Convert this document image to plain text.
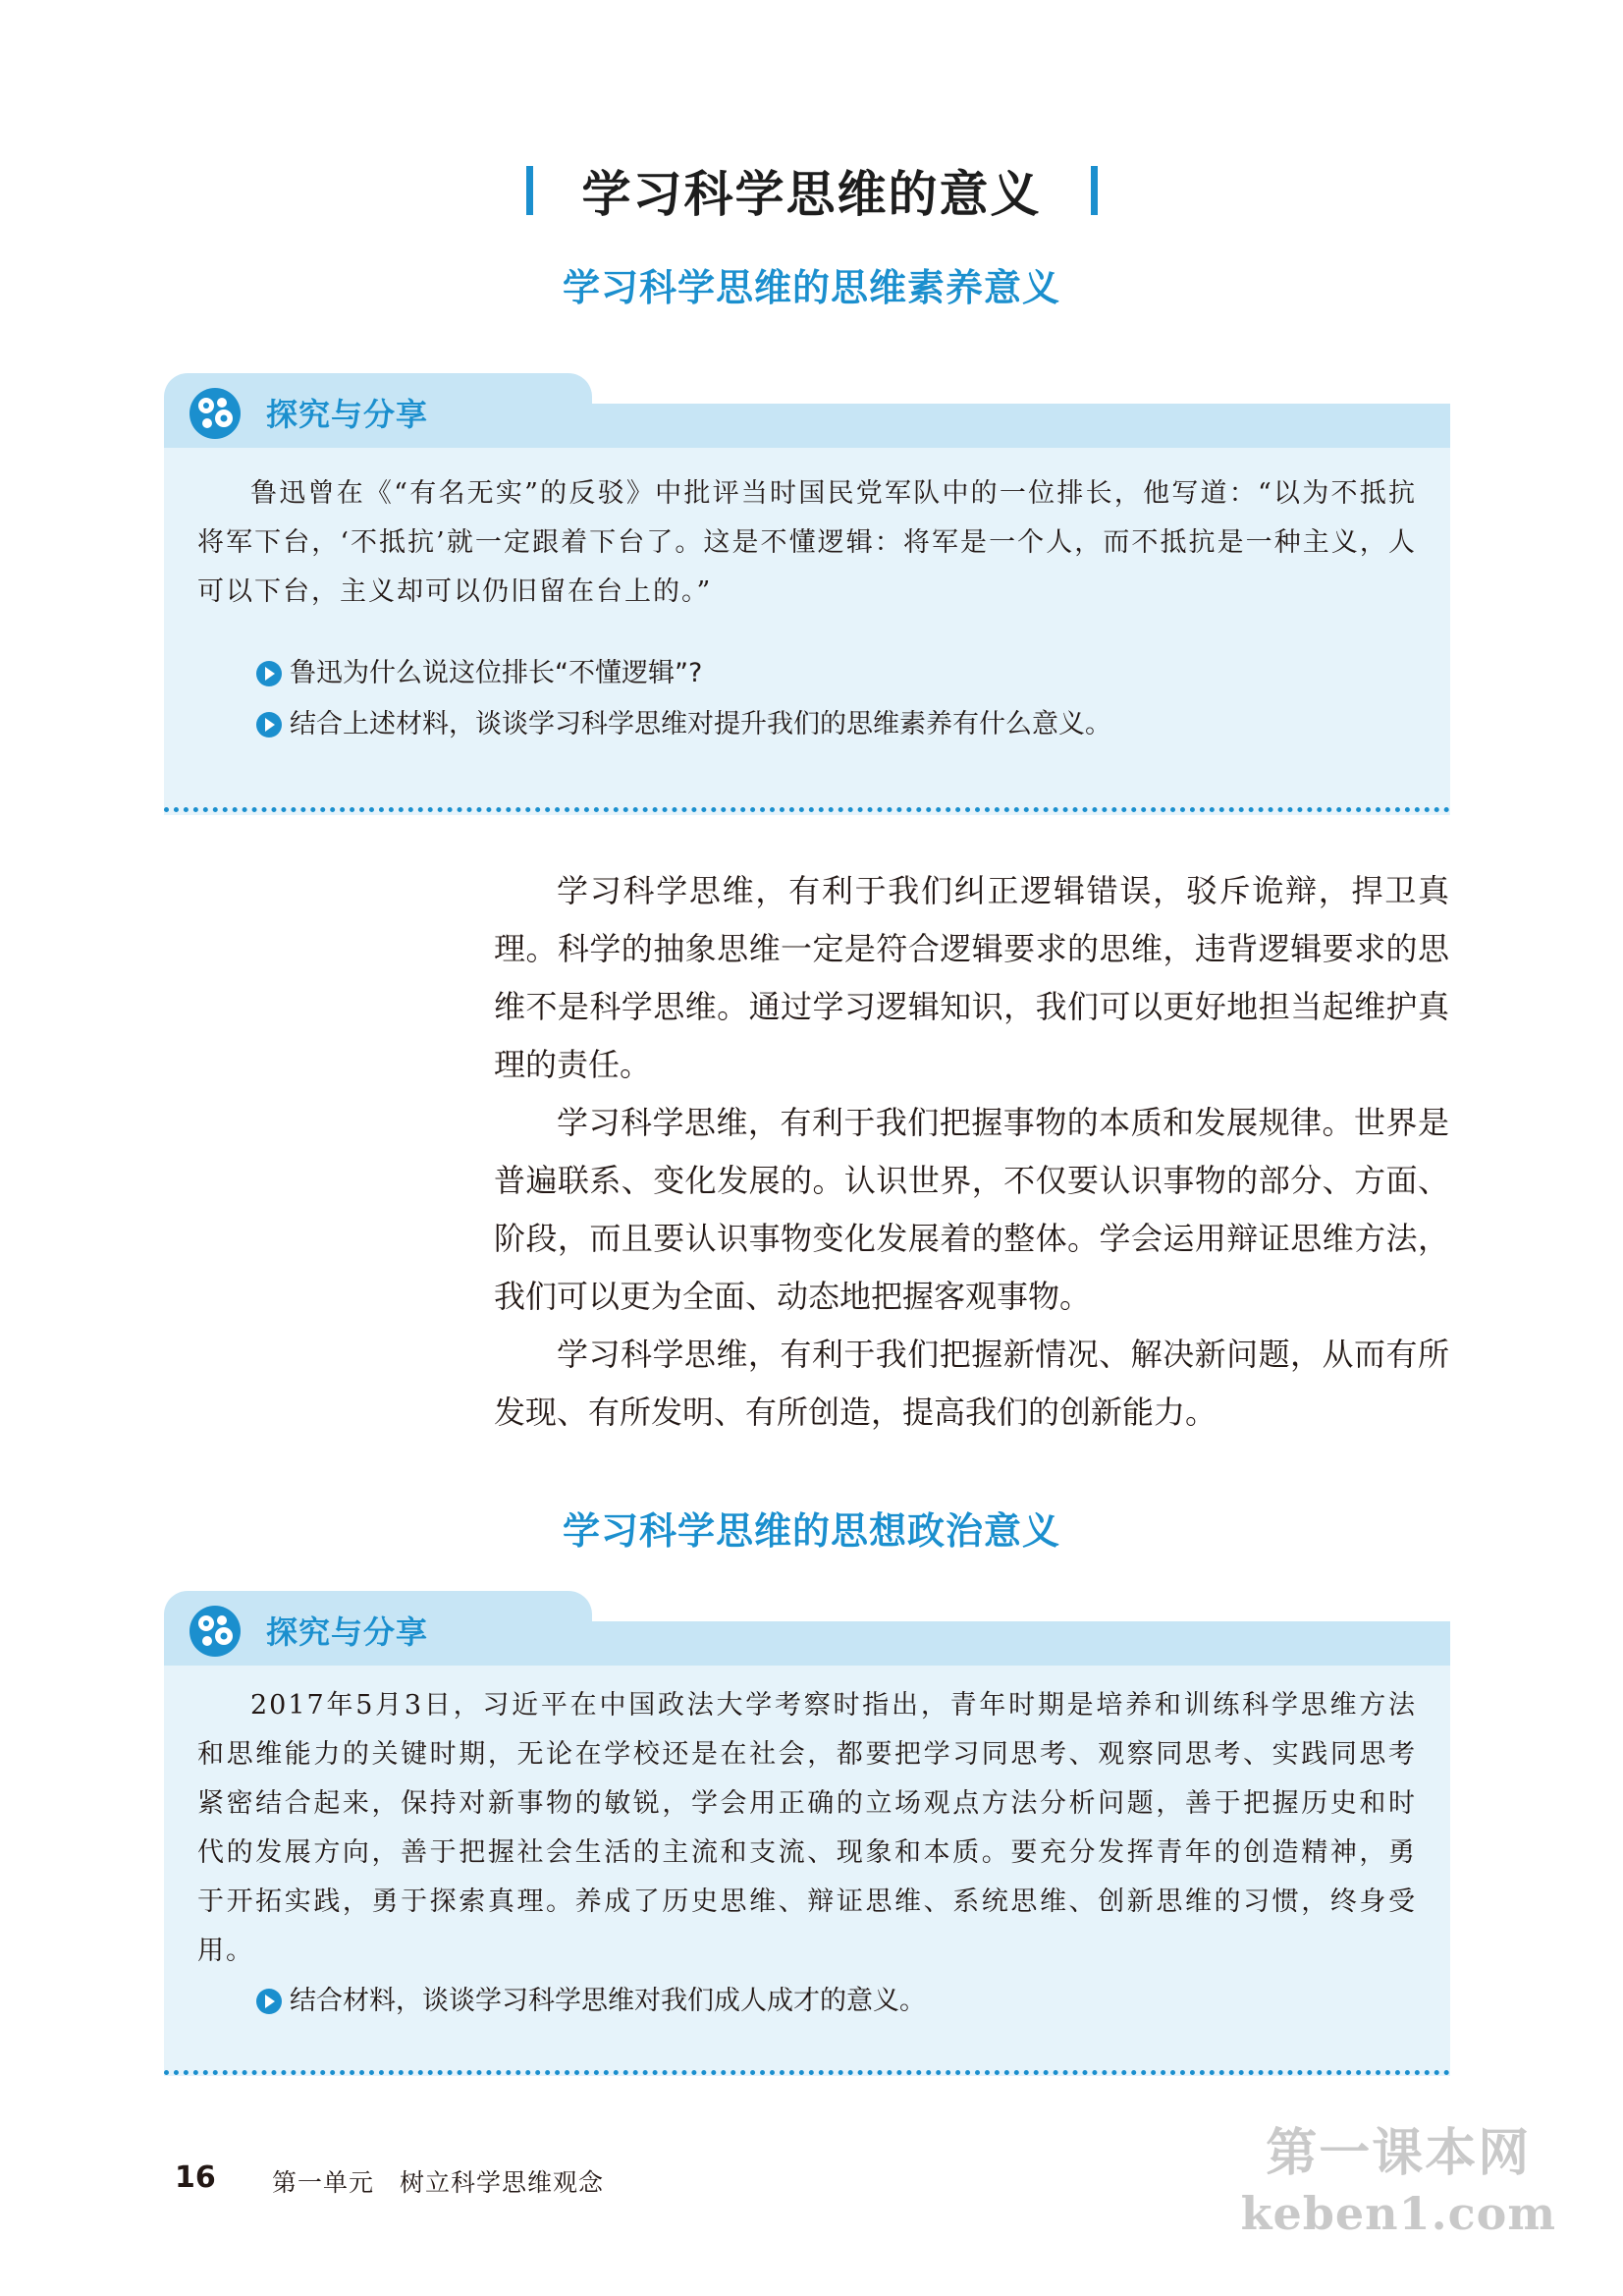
学习科学思维的意义
学习科学思维的思维素养意义
探究与分享
鲁迅曾在《“有名无实”的反驳》中批评当时国民党军队中的一位排长，他写道：“以为不抵抗将军下台，‘不抵抗’就一定跟着下台了。这是不懂逻辑：将军是一个人，而不抵抗是一种主义，人可以下台，主义却可以仍旧留在台上的。”
鲁迅为什么说这位排长“不懂逻辑”?
结合上述材料，谈谈学习科学思维对提升我们的思维素养有什么意义。

学习科学思维，有利于我们纠正逻辑错误，驳斥诡辩，捍卫真理。科学的抽象思维一定是符合逻辑要求的思维，违背逻辑要求的思维不是科学思维。通过学习逻辑知识，我们可以更好地担当起维护真理的责任。

学习科学思维，有利于我们把握事物的本质和发展规律。世界是普遍联系、变化发展的。认识世界，不仅要认识事物的部分、方面、阶段，而且要认识事物变化发展着的整体。学会运用辩证思维方法，我们可以更为全面、动态地把握客观事物。

学习科学思维，有利于我们把握新情况、解决新问题，从而有所发现、有所发明、有所创造，提高我们的创新能力。

学习科学思维的思想政治意义
探究与分享
2017年5月3日，习近平在中国政法大学考察时指出，青年时期是培养和训练科学思维方法和思维能力的关键时期，无论在学校还是在社会，都要把学习同思考、观察同思考、实践同思考紧密结合起来，保持对新事物的敏锐，学会用正确的立场观点方法分析问题，善于把握历史和时代的发展方向，善于把握社会生活的主流和支流、现象和本质。要充分发挥青年的创造精神，勇于开拓实践，勇于探索真理。养成了历史思维、辩证思维、系统思维、创新思维的习惯，终身受用。
结合材料，谈谈学习科学思维对我们成人成才的意义。
16 第一单元　树立科学思维观念	第一课本网
keben1.com
